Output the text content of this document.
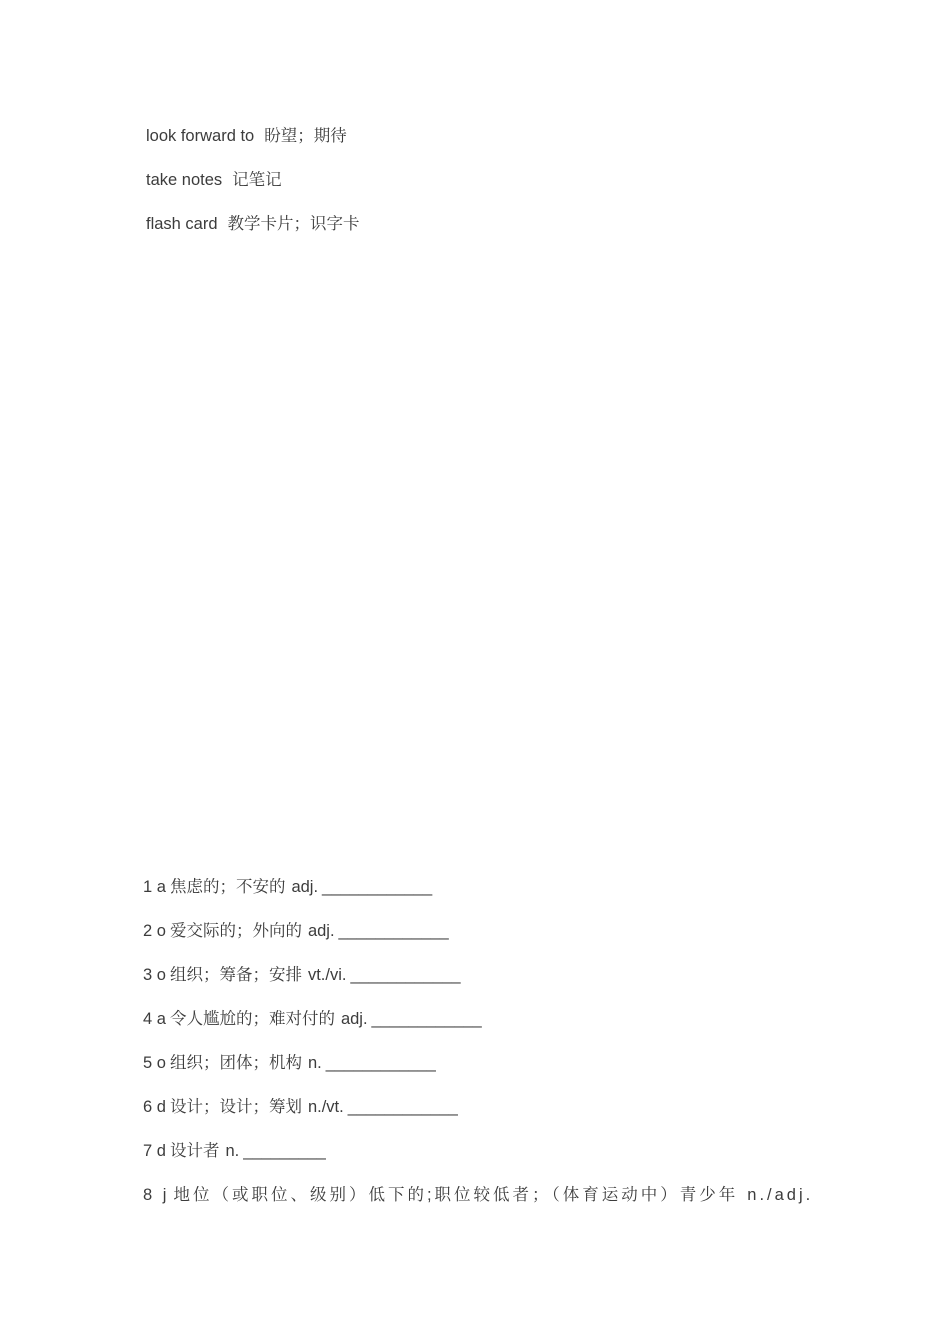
look forward to 盼望；期待
take notes 记笔记
flash card 教学卡片；识字卡
1 a 焦虑的；不安的 adj. ____________
2 o 爱交际的；外向的 adj. ____________
3 o 组织；筹备；安排 vt./vi. ____________
4 a 令人尴尬的；难对付的 adj. ____________
5 o 组织；团体；机构 n. ____________
6 d 设计；设计；筹划 n./vt. ____________
7 d 设计者 n. _________
8 j 地位（或职位、级别）低下的;职位较低者；（体育运动中）青少年 n./adj.
